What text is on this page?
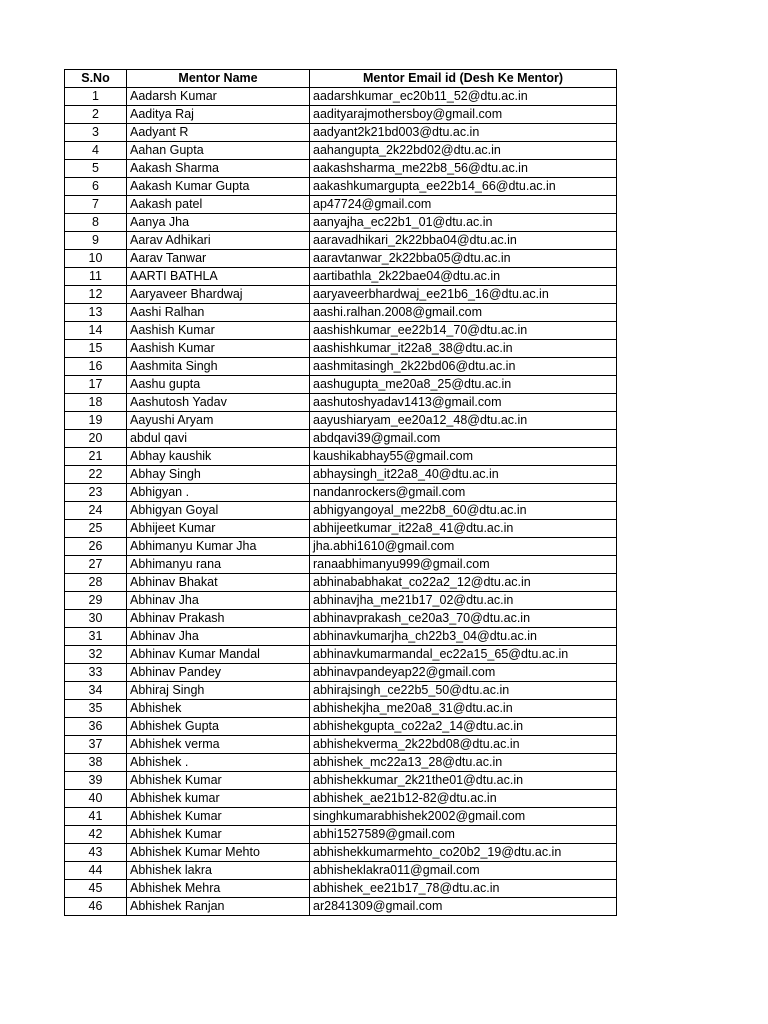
S.No	Mentor Name	Mentor Email id (Desh Ke Mentor)
1	Aadarsh Kumar	aadarshkumar_ec20b11_52@dtu.ac.in
2	Aaditya Raj	aadityarajmothersboy@gmail.com
3	Aadyant R	aadyant2k21bd003@dtu.ac.in
4	Aahan Gupta	aahangupta_2k22bd02@dtu.ac.in
5	Aakash Sharma	aakashsharma_me22b8_56@dtu.ac.in
6	Aakash Kumar Gupta	aakashkumargupta_ee22b14_66@dtu.ac.in
7	Aakash patel	ap47724@gmail.com
8	Aanya Jha	aanyajha_ec22b1_01@dtu.ac.in
9	Aarav Adhikari	aaravadhikari_2k22bba04@dtu.ac.in
10	Aarav Tanwar	aaravtanwar_2k22bba05@dtu.ac.in
11	AARTI BATHLA	aartibathla_2k22bae04@dtu.ac.in
12	Aaryaveer Bhardwaj	aaryaveerbhardwaj_ee21b6_16@dtu.ac.in
13	Aashi Ralhan	aashi.ralhan.2008@gmail.com
14	Aashish Kumar	aashishkumar_ee22b14_70@dtu.ac.in
15	Aashish Kumar	aashishkumar_it22a8_38@dtu.ac.in
16	Aashmita Singh	aashmitasingh_2k22bd06@dtu.ac.in
17	Aashu gupta	aashugupta_me20a8_25@dtu.ac.in
18	Aashutosh Yadav	aashutoshyadav1413@gmail.com
19	Aayushi Aryam	aayushiaryam_ee20a12_48@dtu.ac.in
20	abdul qavi	abdqavi39@gmail.com
21	Abhay kaushik	kaushikabhay55@gmail.com
22	Abhay Singh	abhaysingh_it22a8_40@dtu.ac.in
23	Abhigyan .	nandanrockers@gmail.com
24	Abhigyan Goyal	abhigyangoyal_me22b8_60@dtu.ac.in
25	Abhijeet Kumar	abhijeetkumar_it22a8_41@dtu.ac.in
26	Abhimanyu Kumar Jha	jha.abhi1610@gmail.com
27	Abhimanyu rana	ranaabhimanyu999@gmail.com
28	Abhinav Bhakat	abhinababhakat_co22a2_12@dtu.ac.in
29	Abhinav Jha	abhinavjha_me21b17_02@dtu.ac.in
30	Abhinav Prakash	abhinavprakash_ce20a3_70@dtu.ac.in
31	Abhinav Jha	abhinavkumarjha_ch22b3_04@dtu.ac.in
32	Abhinav Kumar Mandal	abhinavkumarmandal_ec22a15_65@dtu.ac.in
33	Abhinav Pandey	abhinavpandeyap22@gmail.com
34	Abhiraj Singh	abhirajsingh_ce22b5_50@dtu.ac.in
35	Abhishek	abhishekjha_me20a8_31@dtu.ac.in
36	Abhishek Gupta	abhishekgupta_co22a2_14@dtu.ac.in
37	Abhishek verma	abhishekverma_2k22bd08@dtu.ac.in
38	Abhishek .	abhishek_mc22a13_28@dtu.ac.in
39	Abhishek Kumar	abhishekkumar_2k21the01@dtu.ac.in
40	Abhishek kumar	abhishek_ae21b12-82@dtu.ac.in
41	Abhishek Kumar	singhkumarabhishek2002@gmail.com
42	Abhishek Kumar	abhi1527589@gmail.com
43	Abhishek Kumar Mehto	abhishekkumarmehto_co20b2_19@dtu.ac.in
44	Abhishek lakra	abhisheklakra011@gmail.com
45	Abhishek Mehra	abhishek_ee21b17_78@dtu.ac.in
46	Abhishek Ranjan	ar2841309@gmail.com
